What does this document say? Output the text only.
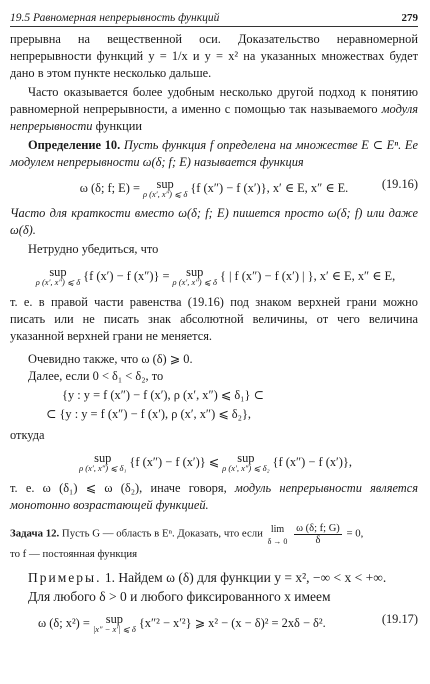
19.5 Равномерная непрерывность функций	279

прерывна на вещественной оси. Доказательство неравномерной непрерывности функций y = 1/x и y = x² на указанных множествах будет дано в этом пункте несколько дальше.

Часто оказывается более удобным несколько другой подход к понятию равномерной непрерывности, а именно с помощью так называемого модуля непрерывности функции

Определение 10. Пусть функция f определена на множестве E ⊂ Eⁿ. Ее модулем непрерывности ω(δ; f; E) называется функция

ω (δ; f; E) = sup
ρ (x′, x″) ⩽ δ {f (x″) − f (x′)}, x′ ∈ E, x″ ∈ E.	(19.16)

Часто для краткости вместо ω(δ; f; E) пишется просто ω(δ; f) или даже ω(δ).

Нетрудно убедиться, что

sup
ρ (x′, x″) ⩽ δ {f (x′) − f (x″)} = sup
ρ (x′, x″) ⩽ δ { | f (x″) − f (x′) | }, x′ ∈ E, x″ ∈ E,

т. е. в правой части равенства (19.16) под знаком верхней грани можно писать или не писать знак абсолютной величины, от чего величина указанной верхней грани не меняется.

Очевидно также, что ω (δ) ⩾ 0.

Далее, если 0 < δ₁ < δ₂, то

{y : y = f (x″) − f (x′), ρ (x′, x″) ⩽ δ₁} ⊂

⊂ {y : y = f (x″) − f (x′), ρ (x′, x″) ⩽ δ₂},

откуда

sup
ρ (x′, x″) ⩽ δ₁ {f (x″) − f (x′)} ⩽ sup
ρ (x′, x″) ⩽ δ₂ {f (x″) − f (x′)},

т. е. ω (δ₁) ⩽ ω (δ₂), иначе говоря, модуль непрерывности является монотонно возрастающей функцией.

Задача 12. Пусть G — область в Eⁿ. Доказать, что если lim
δ → 0
$\frac{\omega (\delta; f; G)}{\delta} = 0$,

то f — постоянная функция

Примеры. 1. Найдем ω (δ) для функции y = x², −∞ < x < +∞.

Для любого δ > 0 и любого фиксированного x имеем

ω (δ; x²) = sup
|x″ − x′| ⩽ δ {x″² − x′²} ⩾ x² − (x − δ)² = 2xδ − δ².	(19.17)
